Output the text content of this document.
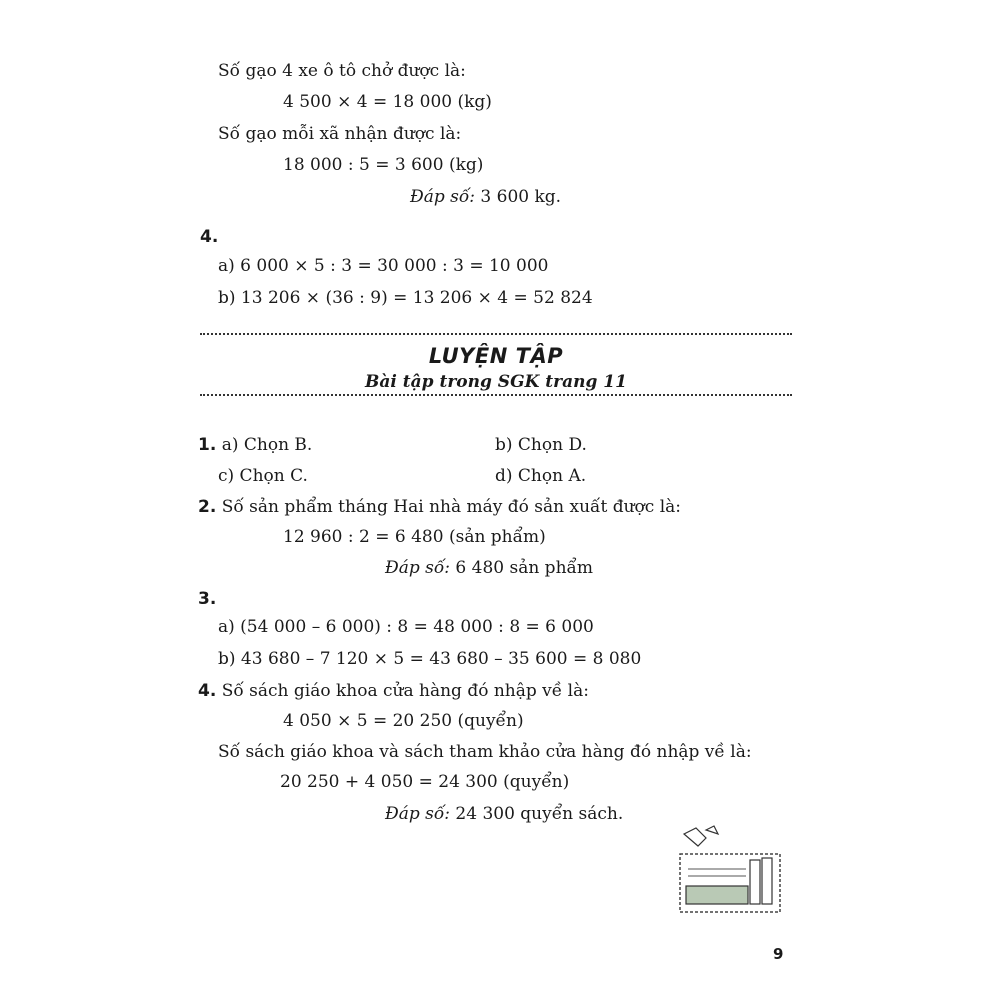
Số gạo 4 xe ô tô chở được là:
4 500 × 4 = 18 000 (kg)
Số gạo mỗi xã nhận được là:
18 000 : 5 = 3 600 (kg)
Đáp số: 3 600 kg.
4.
a) 6 000 × 5 : 3 = 30 000 : 3 = 10 000
b) 13 206 × (36 : 9) = 13 206 × 4 = 52 824
LUYỆN TẬP
Bài tập trong SGK trang 11
1. a) Chọn B.	b) Chọn D.
c) Chọn C.	d) Chọn A.
2. Số sản phẩm tháng Hai nhà máy đó sản xuất được là:
12 960 : 2 = 6 480 (sản phẩm)
Đáp số: 6 480 sản phẩm
3.
a) (54 000 – 6 000) : 8 = 48 000 : 8 = 6 000
b) 43 680 – 7 120 × 5 = 43 680 – 35 600 = 8 080
4. Số sách giáo khoa cửa hàng đó nhập về là:
4 050 × 5 = 20 250 (quyển)
Số sách giáo khoa và sách tham khảo cửa hàng đó nhập về là:
20 250 + 4 050 = 24 300 (quyển)
Đáp số: 24 300 quyển sách.
9
